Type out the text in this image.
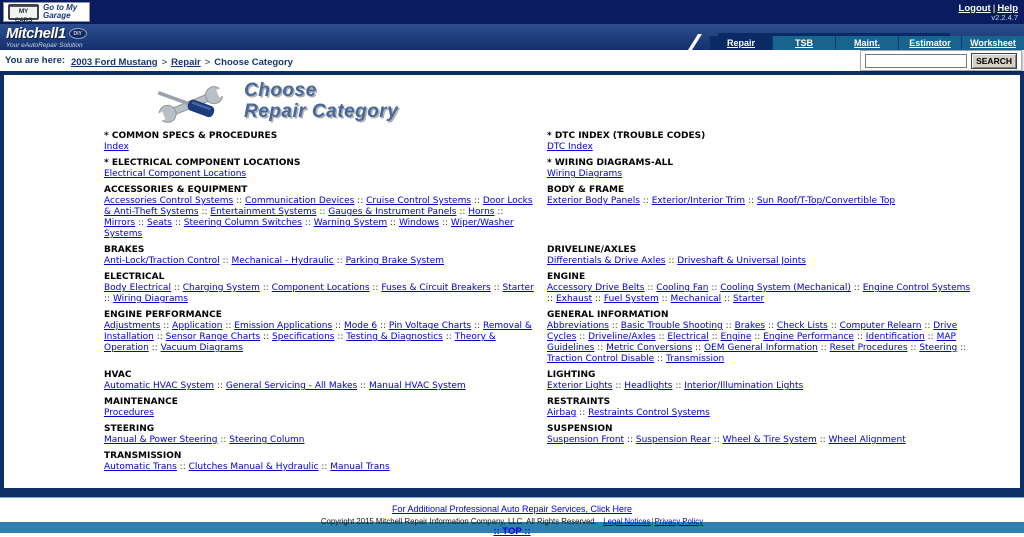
MY CARS
Go to My Garage
Logout | Help
v2.2.4.7
Mitchell1	DIY
Your eAutoRepair Solution	Repair	TSB	Maint.	Estimator	Worksheet
You are here: 2003 Ford Mustang > Repair > Choose Category	SEARCH
Choose
Repair Category
* COMMON SPECS & PROCEDURES
Index
* DTC INDEX (TROUBLE CODES)
DTC Index
* ELECTRICAL COMPONENT LOCATIONS
Electrical Component Locations
* WIRING DIAGRAMS-ALL
Wiring Diagrams
ACCESSORIES & EQUIPMENT
Accessories Control Systems :: Communication Devices :: Cruise Control Systems :: Door Locks & Anti-Theft Systems :: Entertainment Systems :: Gauges & Instrument Panels :: Horns :: Mirrors :: Seats :: Steering Column Switches :: Warning System :: Windows :: Wiper/Washer Systems
BODY & FRAME
Exterior Body Panels :: Exterior/Interior Trim :: Sun Roof/T-Top/Convertible Top
BRAKES
Anti-Lock/Traction Control :: Mechanical - Hydraulic :: Parking Brake System
DRIVELINE/AXLES
Differentials & Drive Axles :: Driveshaft & Universal Joints
ELECTRICAL
Body Electrical :: Charging System :: Component Locations :: Fuses & Circuit Breakers :: Starter :: Wiring Diagrams
ENGINE
Accessory Drive Belts :: Cooling Fan :: Cooling System (Mechanical) :: Engine Control Systems :: Exhaust :: Fuel System :: Mechanical :: Starter
ENGINE PERFORMANCE
Adjustments :: Application :: Emission Applications :: Mode 6 :: Pin Voltage Charts :: Removal & Installation :: Sensor Range Charts :: Specifications :: Testing & Diagnostics :: Theory & Operation :: Vacuum Diagrams
GENERAL INFORMATION
Abbreviations :: Basic Trouble Shooting :: Brakes :: Check Lists :: Computer Relearn :: Drive Cycles :: Driveline/Axles :: Electrical :: Engine :: Engine Performance :: Identification :: MAP Guidelines :: Metric Conversions :: OEM General Information :: Reset Procedures :: Steering :: Traction Control Disable :: Transmission
HVAC
Automatic HVAC System :: General Servicing - All Makes :: Manual HVAC System
LIGHTING
Exterior Lights :: Headlights :: Interior/Illumination Lights
MAINTENANCE
Procedures
RESTRAINTS
Airbag :: Restraints Control Systems
STEERING
Manual & Power Steering :: Steering Column
SUSPENSION
Suspension Front :: Suspension Rear :: Wheel & Tire System :: Wheel Alignment
TRANSMISSION
Automatic Trans :: Clutches Manual & Hydraulic :: Manual Trans
For Additional Professional Auto Repair Services, Click Here
Copyright 2015 Mitchell Repair Information Company, LLC. All Rights Reserved. Legal Notices|Privacy Policy
:: TOP ::
